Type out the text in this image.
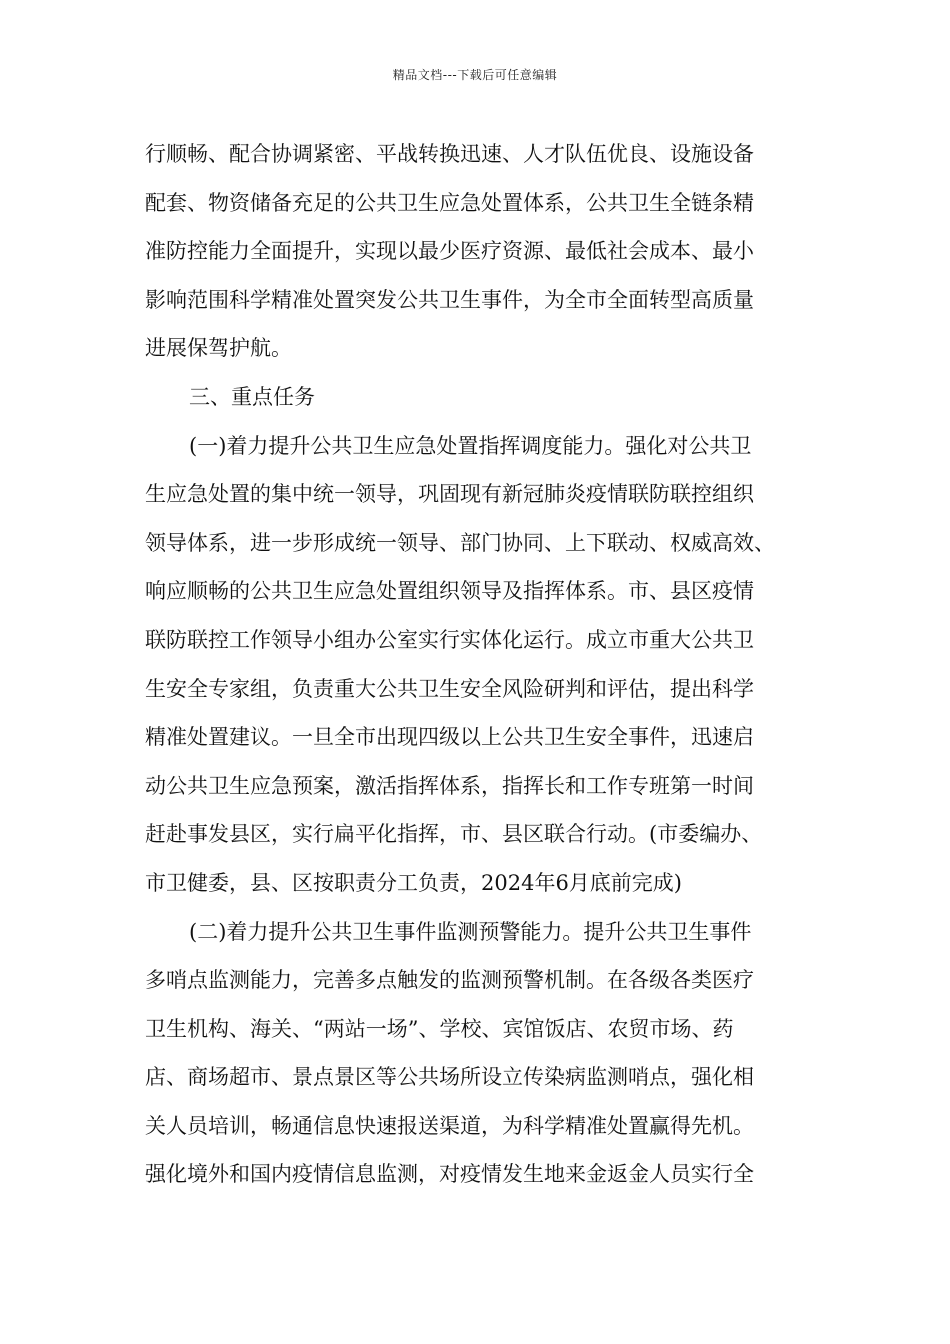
精品文档---下载后可任意编辑
行顺畅、配合协调紧密、平战转换迅速、人才队伍优良、设施设备
配套、物资储备充足的公共卫生应急处置体系，公共卫生全链条精
准防控能力全面提升，实现以最少医疗资源、最低社会成本、最小
影响范围科学精准处置突发公共卫生事件，为全市全面转型高质量
进展保驾护航。
三、重点任务
(一)着力提升公共卫生应急处置指挥调度能力。强化对公共卫
生应急处置的集中统一领导，巩固现有新冠肺炎疫情联防联控组织
领导体系，进一步形成统一领导、部门协同、上下联动、权威高效、
响应顺畅的公共卫生应急处置组织领导及指挥体系。市、县区疫情
联防联控工作领导小组办公室实行实体化运行。成立市重大公共卫
生安全专家组，负责重大公共卫生安全风险研判和评估，提出科学
精准处置建议。一旦全市出现四级以上公共卫生安全事件，迅速启
动公共卫生应急预案，激活指挥体系，指挥长和工作专班第一时间
赶赴事发县区，实行扁平化指挥，市、县区联合行动。(市委编办、
市卫健委，县、区按职责分工负责，2024年6月底前完成)
(二)着力提升公共卫生事件监测预警能力。提升公共卫生事件
多哨点监测能力，完善多点触发的监测预警机制。在各级各类医疗
卫生机构、海关、“两站一场”、学校、宾馆饭店、农贸市场、药
店、商场超市、景点景区等公共场所设立传染病监测哨点，强化相
关人员培训，畅通信息快速报送渠道，为科学精准处置赢得先机。
强化境外和国内疫情信息监测，对疫情发生地来金返金人员实行全
